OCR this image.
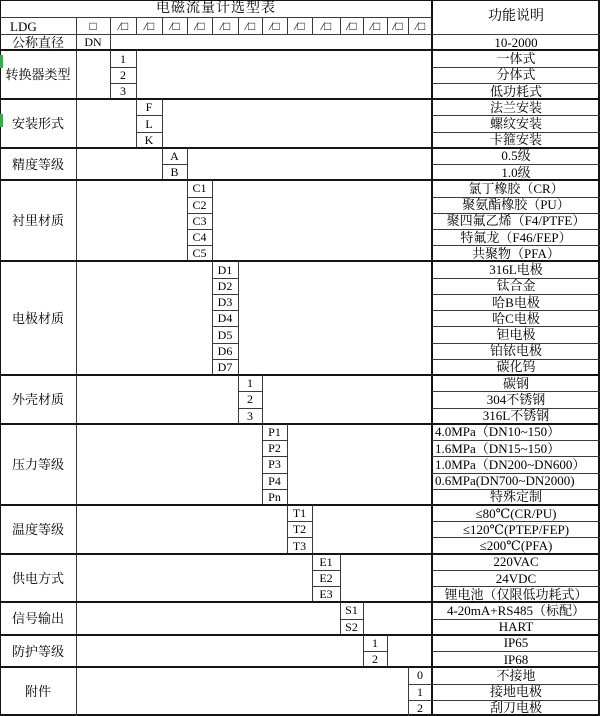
电磁流量计选型表
功能说明
LDG	□	/□	/□	/□	/□	/□	/□	/□	/□	/□	/□	/□ /□ /□
公称直径	DN	10-2000
转换器类型
1	一体式
2	分体式
3	低功耗式
安装形式
F	法兰安装
L	螺纹安装
K	卡箍安装
精度等级
A	0.5级
B	1.0级
衬里材质
C1	氯丁橡胶（CR）
C2	聚氨酯橡胶（PU）
C3	聚四氟乙烯（F4/PTFE）
C4	特氟龙（F46/FEP）
C5	共聚物（PFA）
电极材质
D1	316L电极
D2	钛合金
D3	哈B电极
D4	哈C电极
D5	钽电极
D6	铂铱电极
D7	碳化钨
外壳材质
1	碳钢
2	304不锈钢
3	316L不锈钢
压力等级
P1	4.0MPa（DN10~150）
P2	1.6MPa（DN15~150）
P3	1.0MPa（DN200~DN600）
P4	0.6MPa(DN700~DN2000)
Pn	特殊定制
温度等级
T1	≤80℃(CR/PU)
T2	≤120℃(PTEP/FEP)
T3	≤200℃(PFA)
供电方式
E1	220VAC
E2	24VDC
E3	锂电池（仅限低功耗式）
信号输出
S1	4-20mA+RS485（标配）
S2	HART
防护等级
1	IP65
2	IP68
附件
0	不接地
1	接地电极
2	刮刀电极
